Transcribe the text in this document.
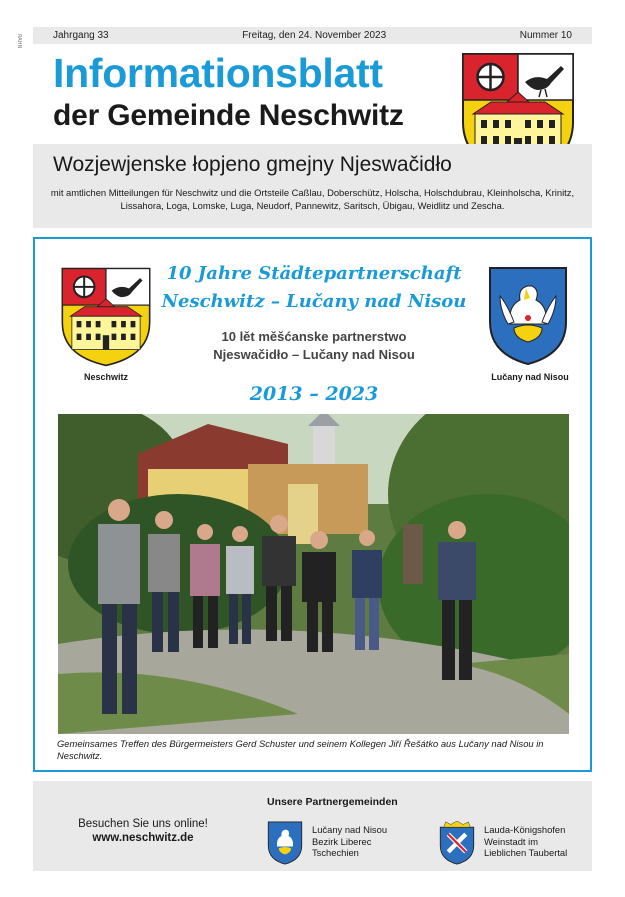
RAHN	Jahrgang 33	Freitag, den 24. November 2023	Nummer 10
Informationsblatt
der Gemeinde Neschwitz
Wozjewjenske łopjeno gmejny Njeswačidło
mit amtlichen Mitteilungen für Neschwitz und die Ortsteile Caßlau, Doberschütz, Holscha, Holschdubrau, Kleinholscha, Krinitz, Lissahora, Loga, Lomske, Luga, Neudorf, Pannewitz, Saritsch, Übigau, Weidlitz und Zescha.
Neschwitz
10 Jahre Städtepartnerschaft
Neschwitz – Lučany nad Nisou
10 lět měšćanske partnerstwo
Njeswačidło – Lučany nad Nisou
2013 – 2023
Lučany nad Nisou
Gemeinsames Treffen des Bürgermeisters Gerd Schuster und seinem Kollegen Jiří Řešátko aus Lučany nad Nisou in Neschwitz.
Besuchen Sie uns online!
www.neschwitz.de
Unsere Partnergemeinden
Lučany nad Nisou
Bezirk Liberec
Tschechien
Lauda-Königshofen
Weinstadt im
Lieblichen Taubertal
